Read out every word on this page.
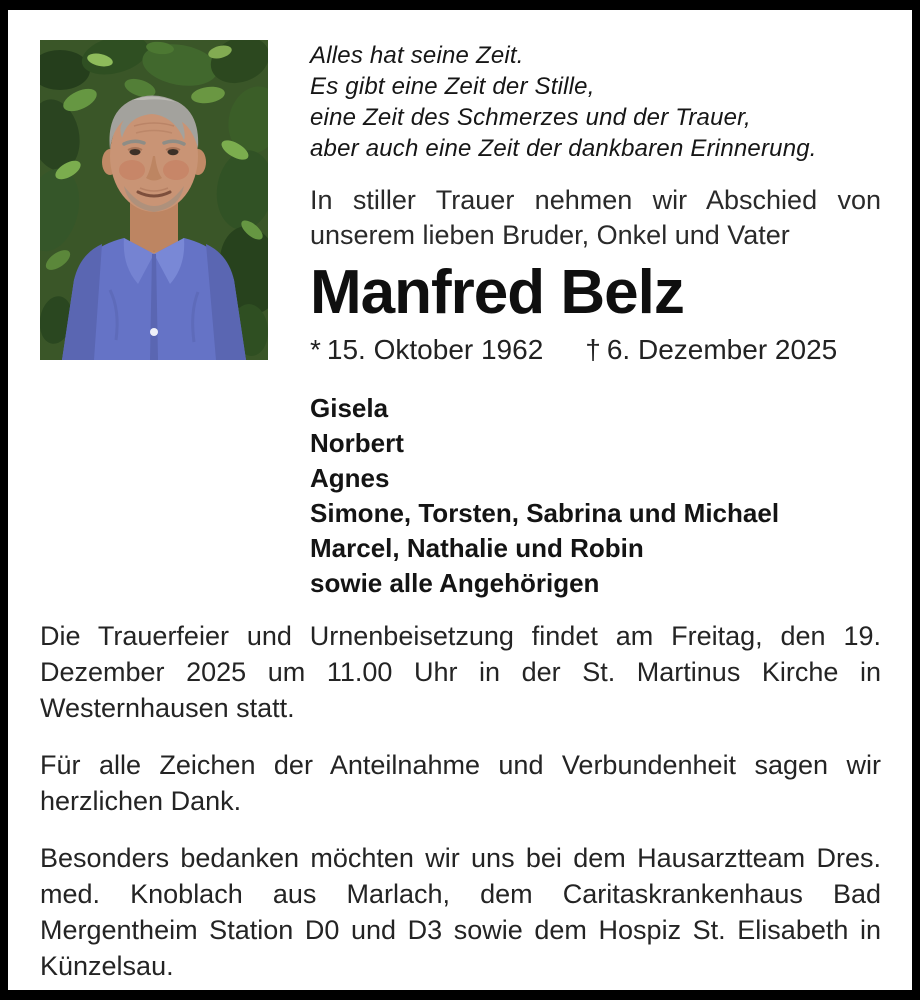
Alles hat seine Zeit.
Es gibt eine Zeit der Stille,
eine Zeit des Schmerzes und der Trauer,
aber auch eine Zeit der dankbaren Erinnerung.
In stiller Trauer nehmen wir Abschied von unserem lieben Bruder, Onkel und Vater
Manfred Belz
* 15. Oktober 1962 † 6. Dezember 2025
Gisela
Norbert
Agnes
Simone, Torsten, Sabrina und Michael
Marcel, Nathalie und Robin
sowie alle Angehörigen

Die Trauerfeier und Urnenbeisetzung findet am Freitag, den 19. Dezember 2025 um 11.00 Uhr in der St. Martinus Kirche in Westernhausen statt.

Für alle Zeichen der Anteilnahme und Verbundenheit sagen wir herzlichen Dank.

Besonders bedanken möchten wir uns bei dem Hausarztteam Dres. med. Knoblach aus Marlach, dem Caritaskrankenhaus Bad Mergentheim Station D0 und D3 sowie dem Hospiz St. Elisabeth in Künzelsau.
